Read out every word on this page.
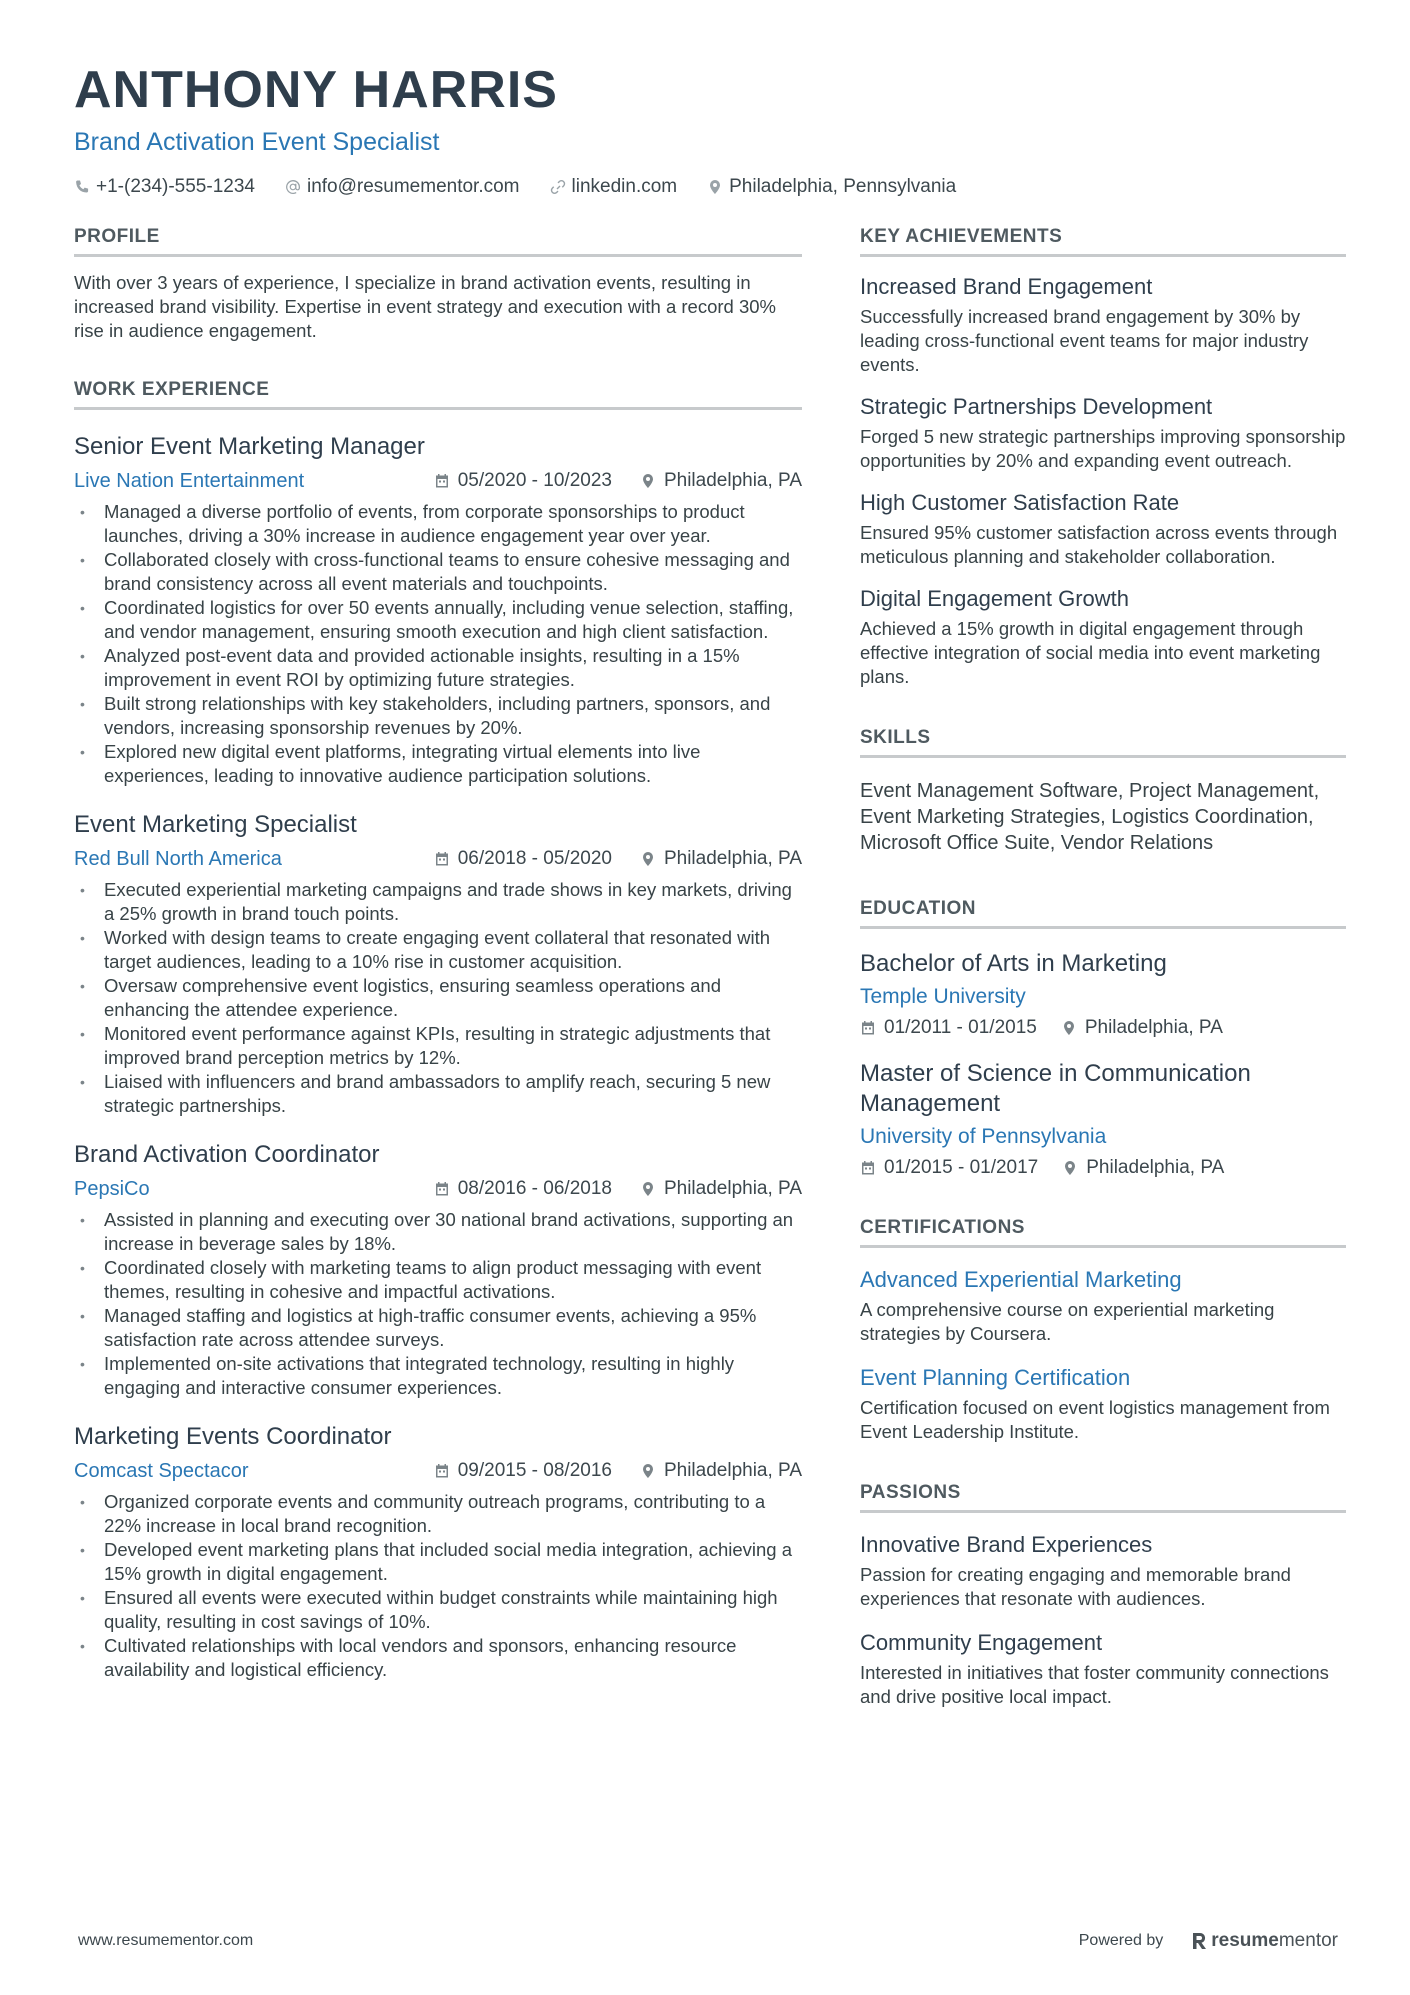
ANTHONY HARRIS
Brand Activation Event Specialist
+1-(234)-555-1234	info@resumementor.com	linkedin.com	Philadelphia, Pennsylvania
PROFILE

With over 3 years of experience, I specialize in brand activation events, resulting in increased brand visibility. Expertise in event strategy and execution with a record 30% rise in audience engagement.

WORK EXPERIENCE
Senior Event Marketing Manager
Live Nation Entertainment	05/2020 - 10/2023	Philadelphia, PA
• Managed a diverse portfolio of events, from corporate sponsorships to product launches, driving a 30% increase in audience engagement year over year.
• Collaborated closely with cross-functional teams to ensure cohesive messaging and brand consistency across all event materials and touchpoints.
• Coordinated logistics for over 50 events annually, including venue selection, staffing, and vendor management, ensuring smooth execution and high client satisfaction.
• Analyzed post-event data and provided actionable insights, resulting in a 15% improvement in event ROI by optimizing future strategies.
• Built strong relationships with key stakeholders, including partners, sponsors, and vendors, increasing sponsorship revenues by 20%.
• Explored new digital event platforms, integrating virtual elements into live experiences, leading to innovative audience participation solutions.
Event Marketing Specialist
Red Bull North America	06/2018 - 05/2020	Philadelphia, PA
• Executed experiential marketing campaigns and trade shows in key markets, driving a 25% growth in brand touch points.
• Worked with design teams to create engaging event collateral that resonated with target audiences, leading to a 10% rise in customer acquisition.
• Oversaw comprehensive event logistics, ensuring seamless operations and enhancing the attendee experience.
• Monitored event performance against KPIs, resulting in strategic adjustments that improved brand perception metrics by 12%.
• Liaised with influencers and brand ambassadors to amplify reach, securing 5 new strategic partnerships.
Brand Activation Coordinator
PepsiCo	08/2016 - 06/2018	Philadelphia, PA
• Assisted in planning and executing over 30 national brand activations, supporting an increase in beverage sales by 18%.
• Coordinated closely with marketing teams to align product messaging with event themes, resulting in cohesive and impactful activations.
• Managed staffing and logistics at high-traffic consumer events, achieving a 95% satisfaction rate across attendee surveys.
• Implemented on-site activations that integrated technology, resulting in highly engaging and interactive consumer experiences.
Marketing Events Coordinator
Comcast Spectacor	09/2015 - 08/2016	Philadelphia, PA
• Organized corporate events and community outreach programs, contributing to a 22% increase in local brand recognition.
• Developed event marketing plans that included social media integration, achieving a 15% growth in digital engagement.
• Ensured all events were executed within budget constraints while maintaining high quality, resulting in cost savings of 10%.
• Cultivated relationships with local vendors and sponsors, enhancing resource availability and logistical efficiency.
KEY ACHIEVEMENTS
Increased Brand Engagement
Successfully increased brand engagement by 30% by leading cross-functional event teams for major industry events.
Strategic Partnerships Development
Forged 5 new strategic partnerships improving sponsorship opportunities by 20% and expanding event outreach.
High Customer Satisfaction Rate
Ensured 95% customer satisfaction across events through meticulous planning and stakeholder collaboration.
Digital Engagement Growth
Achieved a 15% growth in digital engagement through effective integration of social media into event marketing plans.
SKILLS
Event Management Software, Project Management, Event Marketing Strategies, Logistics Coordination, Microsoft Office Suite, Vendor Relations
EDUCATION
Bachelor of Arts in Marketing
Temple University
01/2011 - 01/2015	Philadelphia, PA
Master of Science in Communication Management
University of Pennsylvania
01/2015 - 01/2017	Philadelphia, PA
CERTIFICATIONS
Advanced Experiential Marketing
A comprehensive course on experiential marketing strategies by Coursera.
Event Planning Certification
Certification focused on event logistics management from Event Leadership Institute.
PASSIONS
Innovative Brand Experiences
Passion for creating engaging and memorable brand experiences that resonate with audiences.
Community Engagement
Interested in initiatives that foster community connections and drive positive local impact.
www.resumementor.com	Powered by	resumementor
